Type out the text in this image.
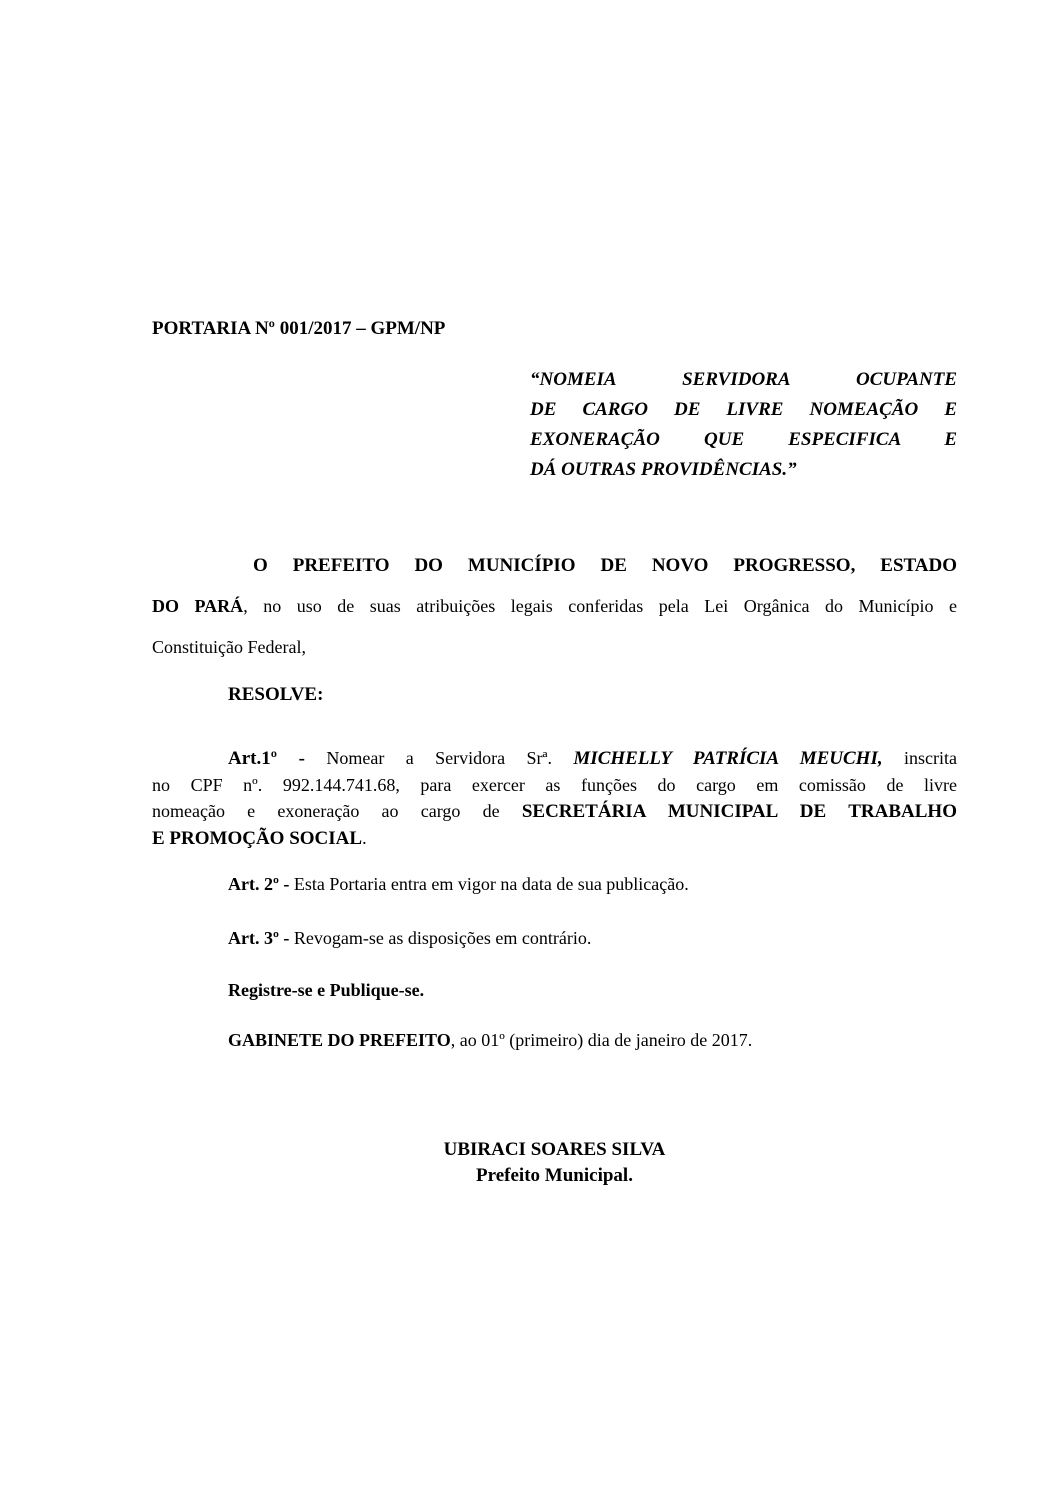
PORTARIA Nº 001/2017 – GPM/NP
“NOMEIA SERVIDORA OCUPANTE
DE CARGO DE LIVRE NOMEAÇÃO E
EXONERAÇÃO QUE ESPECIFICA E
DÁ OUTRAS PROVIDÊNCIAS.”
O PREFEITO DO MUNICÍPIO DE NOVO PROGRESSO, ESTADO
DO PARÁ, no uso de suas atribuições legais conferidas pela Lei Orgânica do Município e
Constituição Federal,
RESOLVE:
Art.1º - Nomear a Servidora Srª. MICHELLY PATRÍCIA MEUCHI, inscrita
no CPF nº. 992.144.741.68, para exercer as funções do cargo em comissão de livre
nomeação e exoneração ao cargo de SECRETÁRIA MUNICIPAL DE TRABALHO
E PROMOÇÃO SOCIAL.
Art. 2º - Esta Portaria entra em vigor na data de sua publicação.
Art. 3º - Revogam-se as disposições em contrário.
Registre-se e Publique-se.
GABINETE DO PREFEITO, ao 01º (primeiro) dia de janeiro de 2017.
UBIRACI SOARES SILVA
Prefeito Municipal.
